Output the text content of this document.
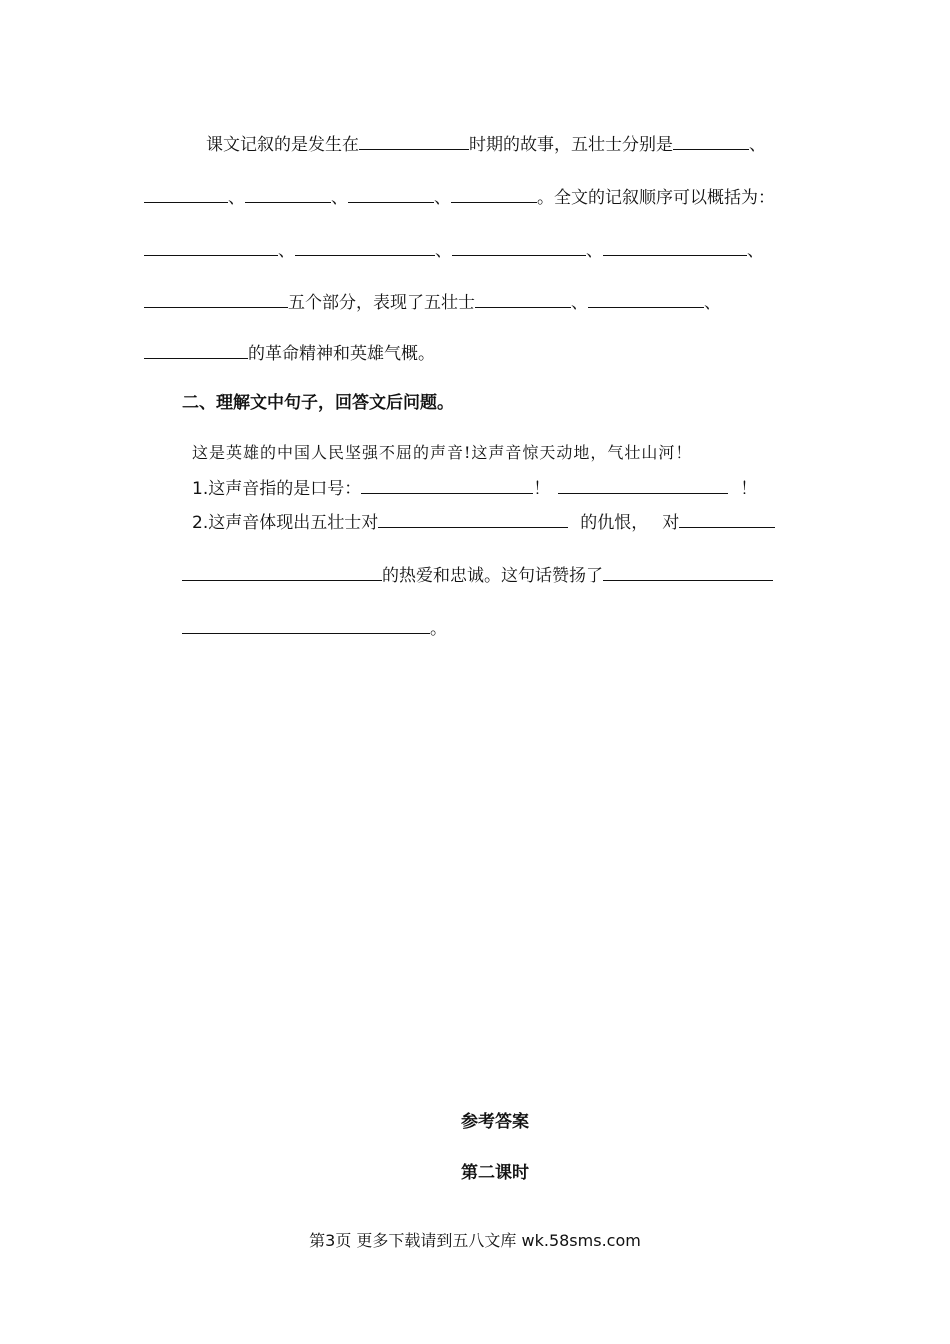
课文记叙的是发生在	时期的故事，五壮士分别是	、
、	、	、	。全文的记叙顺序可以概括为：
、	、	、	、
五个部分，表现了五壮士	、	、
的革命精神和英雄气概。
二、理解文中句子，回答文后问题。
这是英雄的中国人民坚强不屈的声音!这声音惊天动地，气壮山河！
1.这声音指的是口号：	！	！
2.这声音体现出五壮士对	的仇恨， 对
的热爱和忠诚。这句话赞扬了
。
参考答案
第二课时
第3页 更多下载请到五八文库 wk.58sms.com
